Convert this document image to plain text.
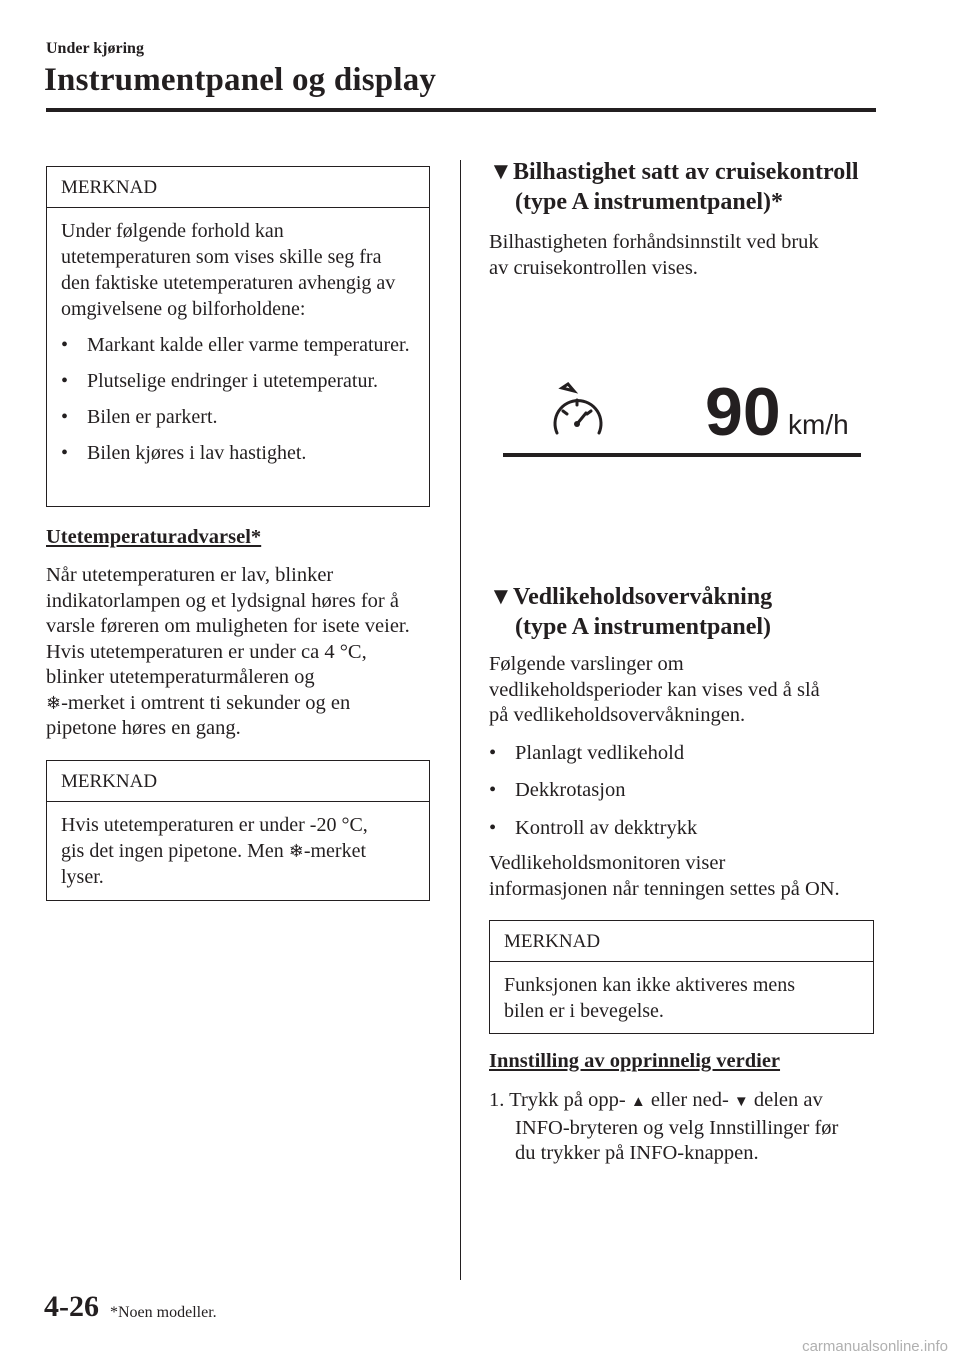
Under kjøring
Instrumentpanel og display
MERKNAD

Under følgende forhold kan utetemperaturen som vises skille seg fra den faktiske utetemperaturen avhengig av omgivelsene og bilforholdene:

• Markant kalde eller varme temperaturer.
• Plutselige endringer i utetemperatur.
• Bilen er parkert.
• Bilen kjøres i lav hastighet.
Utetemperaturadvarsel*

Når utetemperaturen er lav, blinker

indikatorlampen og et lydsignal høres for å

varsle føreren om muligheten for isete veier.

Hvis utetemperaturen er under ca 4 °C,

blinker utetemperaturmåleren og

❄-merket i omtrent ti sekunder og en

pipetone høres en gang.

MERKNAD

Hvis utetemperaturen er under -20 °C,

gis det ingen pipetone. Men ❄-merket

lyser.

▼Bilhastighet satt av cruisekontroll
(type A instrumentpanel)*

Bilhastigheten forhåndsinnstilt ved bruk

av cruisekontrollen vises.

90 km/h
▼Vedlikeholdsovervåkning
(type A instrumentpanel)

Følgende varslinger om

vedlikeholdsperioder kan vises ved å slå

på vedlikeholdsovervåkningen.

• Planlagt vedlikehold
• Dekkrotasjon
• Kontroll av dekktrykk

Vedlikeholdsmonitoren viser

informasjonen når tenningen settes på ON.

MERKNAD

Funksjonen kan ikke aktiveres mens

bilen er i bevegelse.

Innstilling av opprinnelig verdier

1. Trykk på opp- ▲ eller ned- ▼ delen av

INFO-bryteren og velg Innstillinger før

du trykker på INFO-knappen.

4-26 *Noen modeller.
carmanualsonline.info
